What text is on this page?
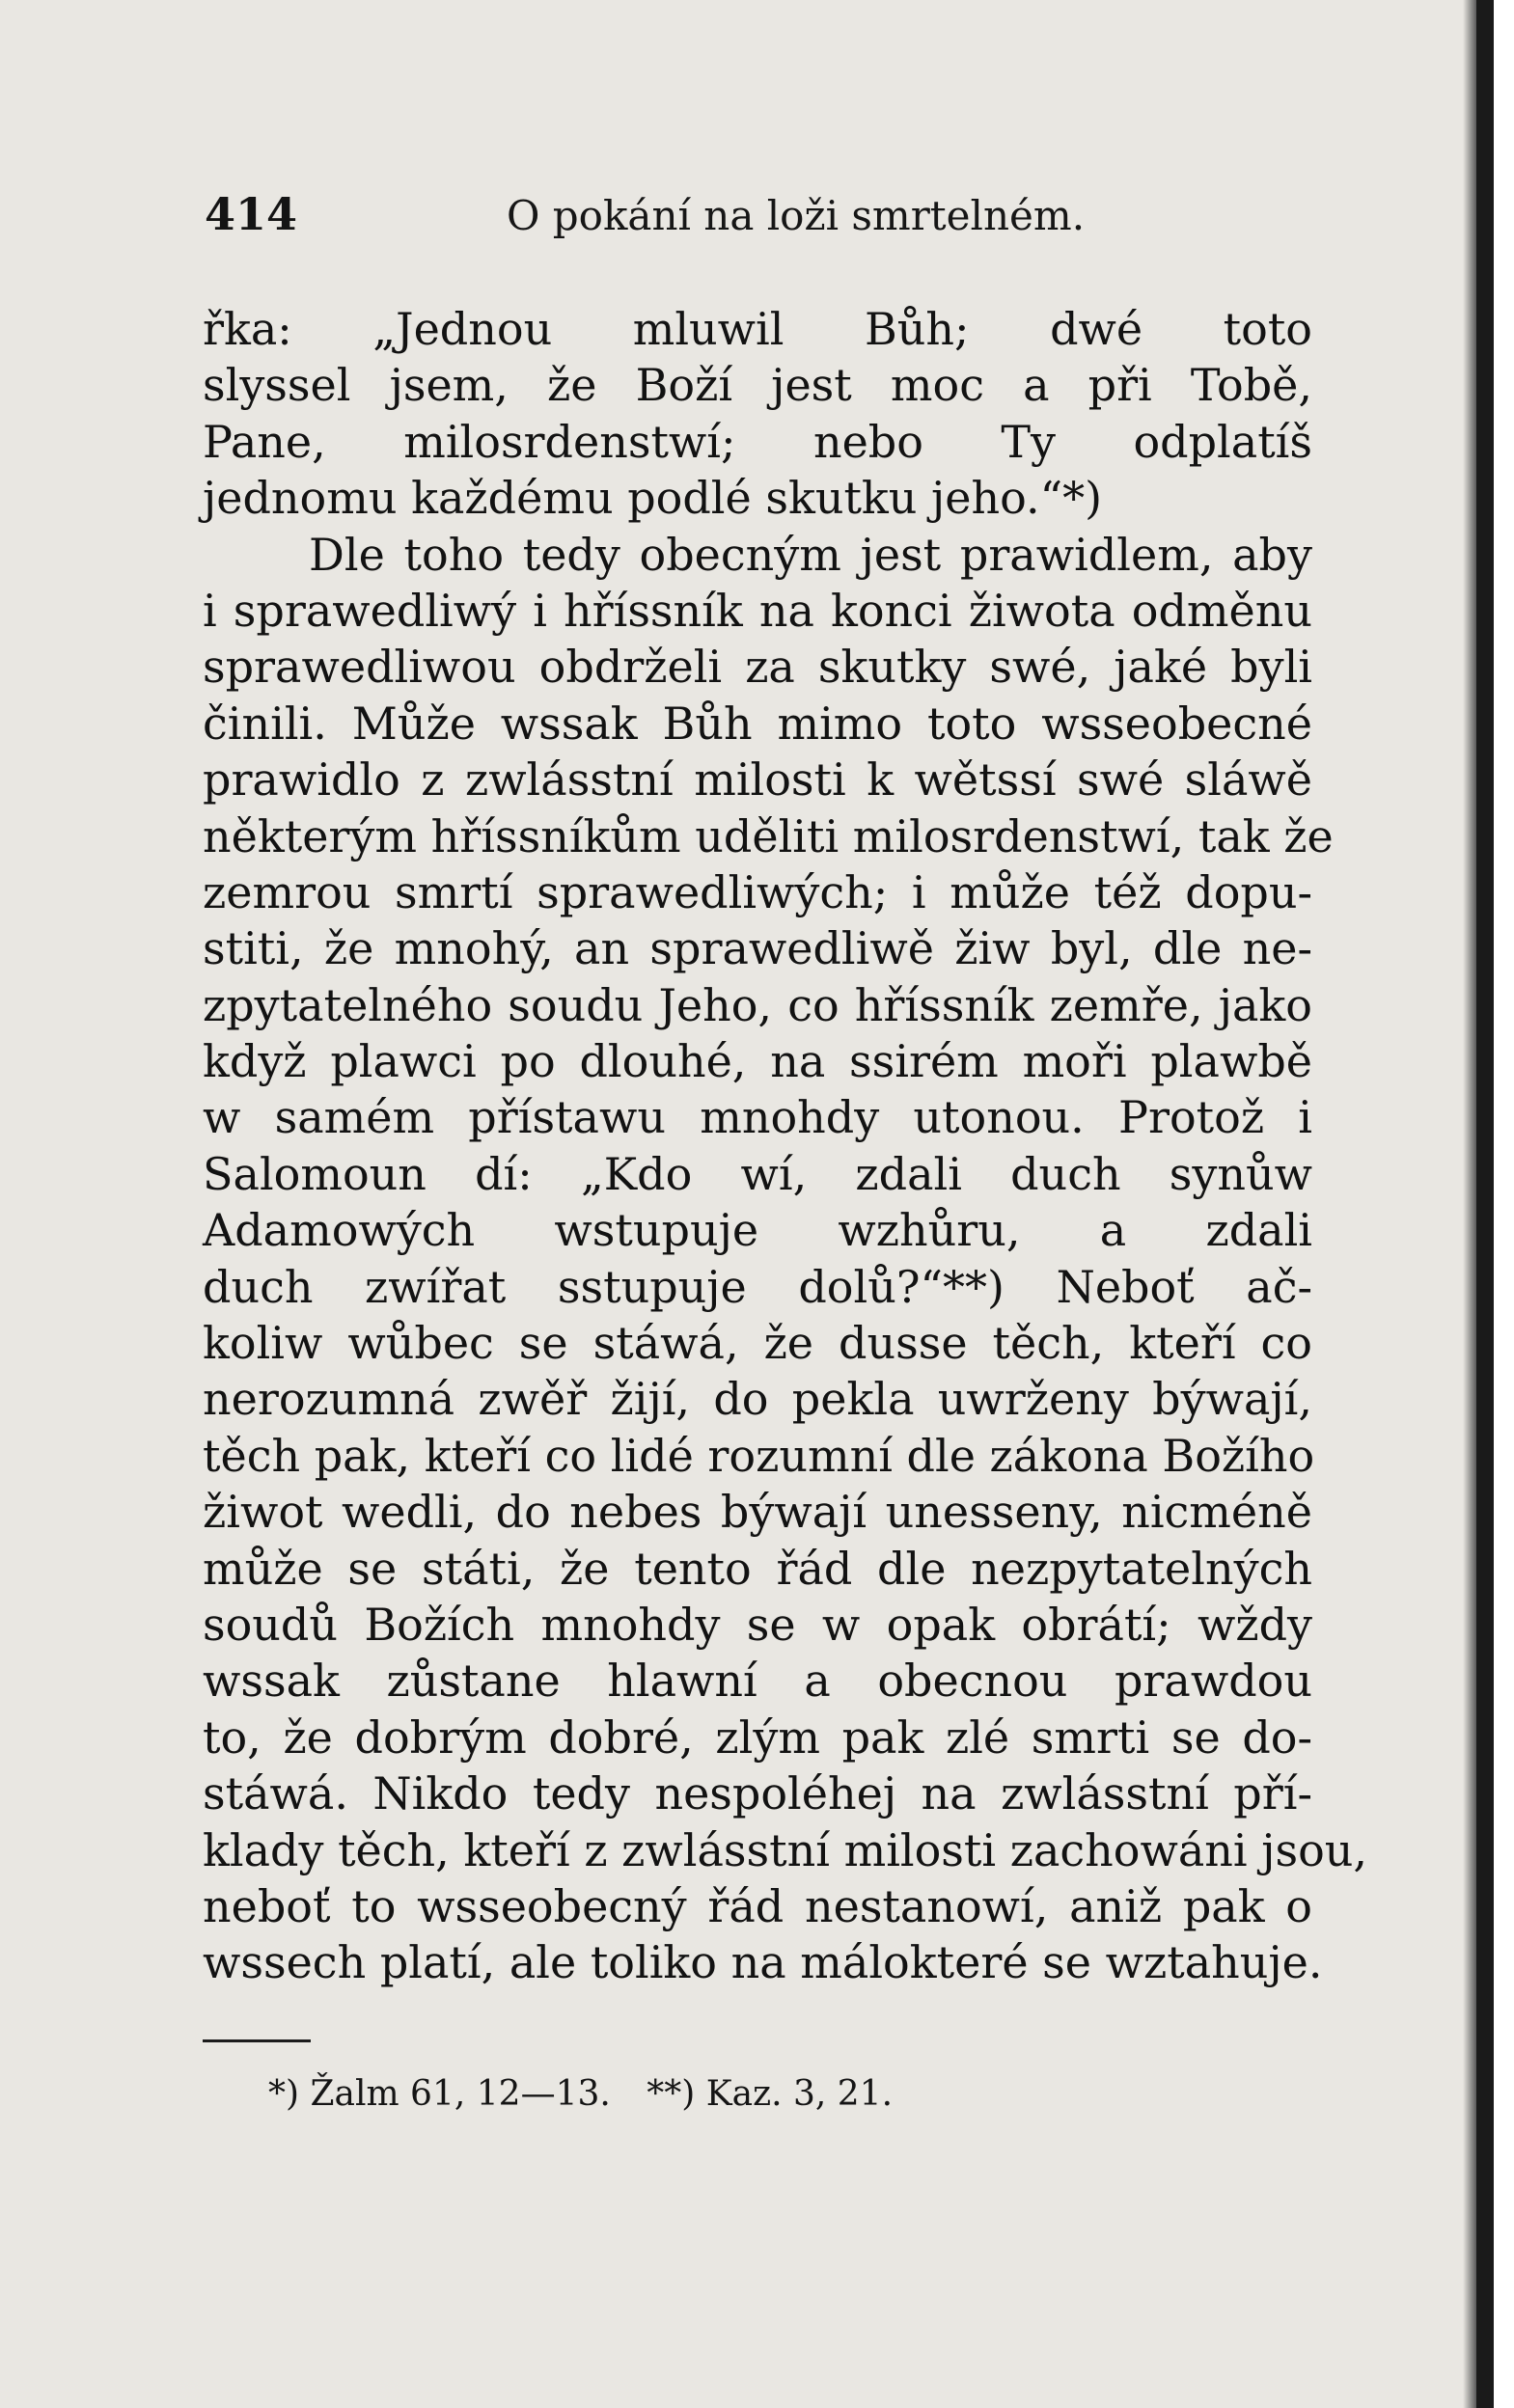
414	O pokání na loži smrtelném.
řka: „Jednou mluwil Bůh; dwé toto
slyssel jsem, že Boží jest moc a při Tobě,
Pane, milosrdenstwí; nebo Ty odplatíš
jednomu každému podlé skutku jeho.“*)
Dle toho tedy obecným jest prawidlem, aby
i sprawedliwý i hříssník na konci žiwota odměnu
sprawedliwou obdrželi za skutky swé, jaké byli
činili. Může wssak Bůh mimo toto wsseobecné
prawidlo z zwlásstní milosti k wětssí swé sláwě
některým hříssníkům uděliti milosrdenstwí, tak že
zemrou smrtí sprawedliwých; i může též dopu-
stiti, že mnohý, an sprawedliwě žiw byl, dle ne-
zpytatelného soudu Jeho, co hříssník zemře, jako
když plawci po dlouhé, na ssirém moři plawbě
w samém přístawu mnohdy utonou. Protož i
Salomoun dí: „Kdo wí, zdali duch synůw
Adamowých wstupuje wzhůru, a zdali
duch zwířat sstupuje dolů?“**) Neboť ač-
koliw wůbec se stáwá, že dusse těch, kteří co
nerozumná zwěř žijí, do pekla uwrženy býwají,
těch pak, kteří co lidé rozumní dle zákona Božího
žiwot wedli, do nebes býwají unesseny, nicméně
může se státi, že tento řád dle nezpytatelných
soudů Božích mnohdy se w opak obrátí; wždy
wssak zůstane hlawní a obecnou prawdou
to, že dobrým dobré, zlým pak zlé smrti se do-
stáwá. Nikdo tedy nespoléhej na zwlásstní pří-
klady těch, kteří z zwlásstní milosti zachowáni jsou,
neboť to wsseobecný řád nestanowí, aniž pak o
wssech platí, ale toliko na málokteré se wztahuje.
*) Žalm 61, 12—13. **) Kaz. 3, 21.
